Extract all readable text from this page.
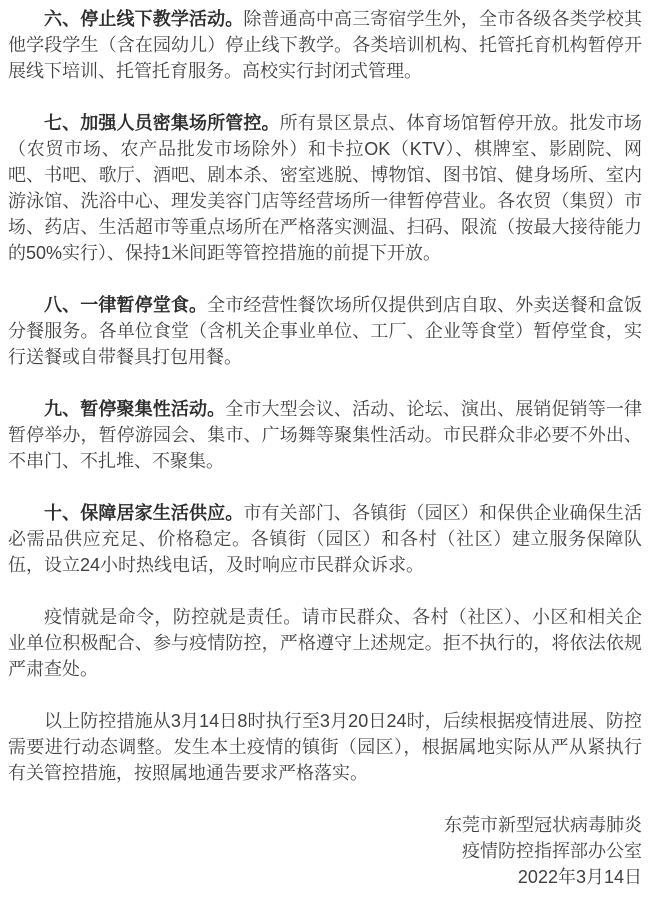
六、停止线下教学活动。除普通高中高三寄宿学生外，全市各级各类学校其他学段学生（含在园幼儿）停止线下教学。各类培训机构、托管托育机构暂停开展线下培训、托管托育服务。高校实行封闭式管理。

七、加强人员密集场所管控。所有景区景点、体育场馆暂停开放。批发市场（农贸市场、农产品批发市场除外）和卡拉OK（KTV）、棋牌室、影剧院、网吧、书吧、歌厅、酒吧、剧本杀、密室逃脱、博物馆、图书馆、健身场所、室内游泳馆、洗浴中心、理发美容门店等经营场所一律暂停营业。各农贸（集贸）市场、药店、生活超市等重点场所在严格落实测温、扫码、限流（按最大接待能力的50%实行）、保持1米间距等管控措施的前提下开放。

八、一律暂停堂食。全市经营性餐饮场所仅提供到店自取、外卖送餐和盒饭分餐服务。各单位食堂（含机关企事业单位、工厂、企业等食堂）暂停堂食，实行送餐或自带餐具打包用餐。

九、暂停聚集性活动。全市大型会议、活动、论坛、演出、展销促销等一律暂停举办，暂停游园会、集市、广场舞等聚集性活动。市民群众非必要不外出、不串门、不扎堆、不聚集。

十、保障居家生活供应。市有关部门、各镇街（园区）和保供企业确保生活必需品供应充足、价格稳定。各镇街（园区）和各村（社区）建立服务保障队伍，设立24小时热线电话，及时响应市民群众诉求。

疫情就是命令，防控就是责任。请市民群众、各村（社区）、小区和相关企业单位积极配合、参与疫情防控，严格遵守上述规定。拒不执行的，将依法依规严肃查处。

以上防控措施从3月14日8时执行至3月20日24时，后续根据疫情进展、防控需要进行动态调整。发生本土疫情的镇街（园区），根据属地实际从严从紧执行有关管控措施，按照属地通告要求严格落实。

东莞市新型冠状病毒肺炎
疫情防控指挥部办公室
2022年3月14日
